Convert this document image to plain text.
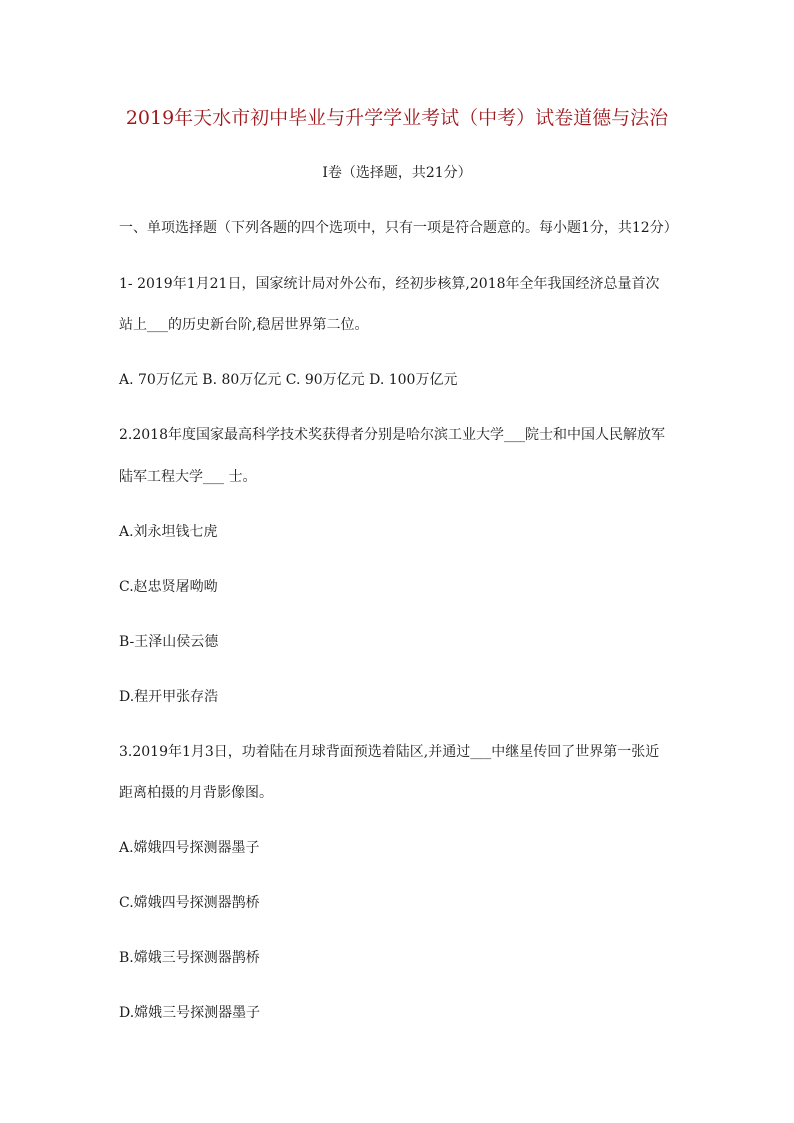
2019年天水市初中毕业与升学学业考试（中考）试卷道德与法治
I卷（选择题，共21分）
一、单项选择题（下列各题的四个选项中，只有一项是符合题意的。每小题1分，共12分）
1- 2019年1月21日，国家统计局对外公布，经初步核算,2018年全年我国经济总量首次
站上___的历史新台阶,稳居世界第二位。
A. 70万亿元 B. 80万亿元 C. 90万亿元 D. 100万亿元
2.2018年度国家最高科学技术奖获得者分别是哈尔滨工业大学___院士和中国人民解放军
陆军工程大学___ 士。
A.刘永坦钱七虎
C.赵忠贤屠呦呦
B-王泽山侯云德
D.程开甲张存浩
3.2019年1月3日，功着陆在月球背面预选着陆区,并通过___中继星传回了世界第一张近
距离柏摄的月背影像图。
A.嫦娥四号探测器墨子
C.嫦娥四号探测器鹊桥
B.嫦娥三号探测器鹊桥
D.嫦娥三号探测器墨子
